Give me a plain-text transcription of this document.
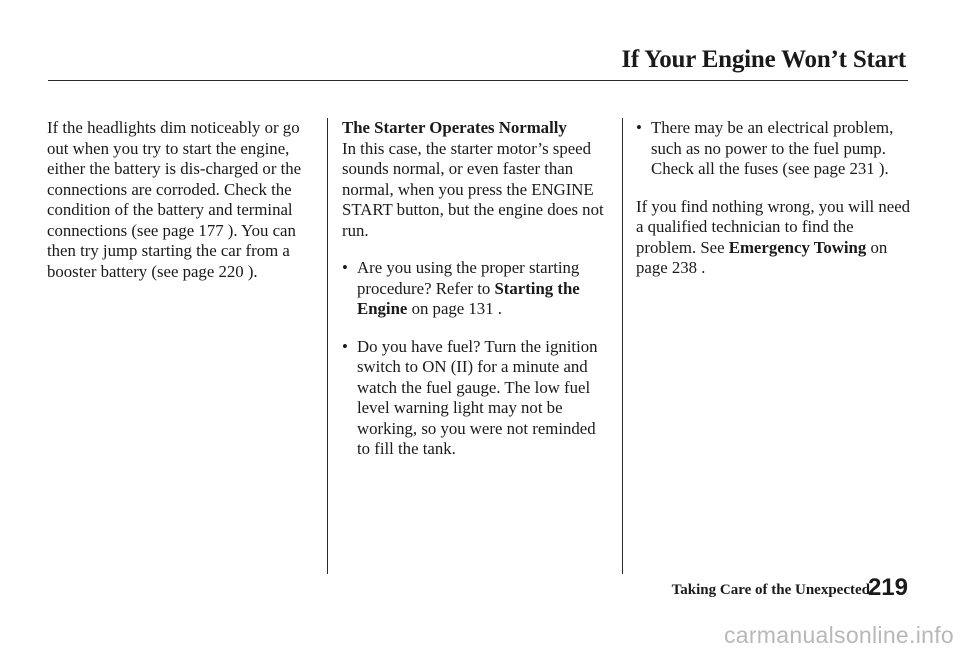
If Your Engine Won’t Start

If the headlights dim noticeably or go out when you try to start the engine, either the battery is dis-charged or the connections are corroded. Check the condition of the battery and terminal connections (see page 177 ). You can then try jump starting the car from a booster battery (see page 220 ).

The Starter Operates Normally

In this case, the starter motor’s speed sounds normal, or even faster than normal, when you press the ENGINE START button, but the engine does not run.

• Are you using the proper starting procedure? Refer to Starting the Engine on page 131 .

• Do you have fuel? Turn the ignition switch to ON (II) for a minute and watch the fuel gauge. The low fuel level warning light may not be working, so you were not reminded to fill the tank.

• There may be an electrical problem, such as no power to the fuel pump. Check all the fuses (see page 231 ).

If you find nothing wrong, you will need a qualified technician to find the problem. See Emergency Towing on page 238 .

Taking Care of the Unexpected
219
carmanualsonline.info
